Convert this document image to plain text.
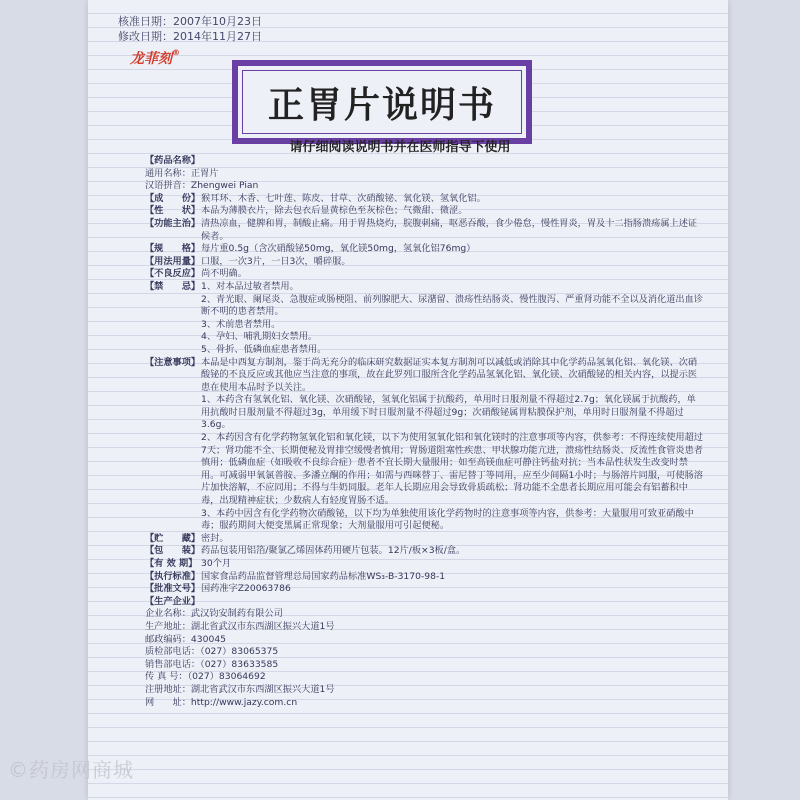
核准日期：2007年10月23日
修改日期：2014年11月27日
龙菲刻®
正胃片说明书
请仔细阅读说明书并在医师指导下使用
【药品名称】
通用名称：正胃片
汉语拼音：Zhengwei Pian
【成　　份】 猴耳环、木香、七叶莲、陈皮、甘草、次硝酸铋、氧化镁、氢氧化铝。
【性　　状】 本品为薄膜衣片，除去包衣后显黄棕色至灰棕色；气微甜、微涩。
【功能主治】 清热凉血，健脾和胃，制酸止痛。用于胃热烧灼，脘腹刺痛，呕恶吞酸，食少倦怠，慢性胃炎，胃及十二指肠溃疡属上述证候者。
【规　　格】 每片重0.5g（含次硝酸铋50mg，氧化镁50mg，氢氧化铝76mg）
【用法用量】 口服，一次3片，一日3次，嚼碎服。
【不良反应】 尚不明确。
【禁　　忌】 1、对本品过敏者禁用。
2、青光眼、阑尾炎、急腹症或肠梗阻、前列腺肥大、尿潴留、溃疡性结肠炎、慢性腹泻、严重肾功能不全以及消化道出血诊断不明的患者禁用。
3、术前患者禁用。
4、孕妇、哺乳期妇女禁用。
5、骨折、低磷血症患者禁用。
【注意事项】 本品是中西复方制剂，鉴于尚无充分的临床研究数据证实本复方制剂可以减低或消除其中化学药品氢氧化铝、氧化镁、次硝酸铋的不良反应或其他应当注意的事项，故在此罗列口服所含化学药品氢氧化铝、氧化镁、次硝酸铋的相关内容，以提示医患在使用本品时予以关注。
1、本药含有氢氧化铝、氧化镁、次硝酸铋，氢氧化铝属于抗酸药，单用时日服剂量不得超过2.7g；氧化镁属于抗酸药，单用抗酸时日服剂量不得超过3g，单用缓下时日服剂量不得超过9g；次硝酸铋属胃粘膜保护剂，单用时日服剂量不得超过3.6g。
2、本药因含有化学药物氢氧化铝和氧化镁，以下为使用氢氧化铝和氧化镁时的注意事项等内容，供参考：不得连续使用超过7天；肾功能不全、长期便秘及胃排空缓慢者慎用；胃肠道阻塞性疾患、甲状腺功能亢进，溃疡性结肠炎、反流性食管炎患者慎用；低磷血症（如吸收不良综合症）患者不宜长期大量服用；如至高镁血症可静注钙盐对抗；当本品性状发生改变时禁用。可减弱甲氧氯普胺、多潘立酮的作用；如需与西咪替丁、雷尼替丁等同用，应至少间隔1小时；与肠溶片同服，可使肠溶片加快溶解，不应同用；不得与牛奶同服。老年人长期应用会导致骨质疏松；肾功能不全患者长期应用可能会有铝蓄积中毒，出现精神症状；少数病人有轻度胃肠不适。
3、本药中因含有化学药物次硝酸铋，以下均为单独使用该化学药物时的注意事项等内容，供参考：大量服用可致亚硝酸中毒；服药期间大便变黑属正常现象；大剂量服用可引起便秘。
【贮　　藏】 密封。
【包　　装】 药品包装用铝箔/聚氯乙烯固体药用硬片包装。12片/板×3板/盒。
【有 效 期】 30个月
【执行标准】 国家食品药品监督管理总局国家药品标准WS₃-B-3170-98-1
【批准文号】 国药准字Z20063786
【生产企业】
企业名称：武汉钧安制药有限公司
生产地址：湖北省武汉市东西湖区振兴大道1号
邮政编码：430045
质检部电话：（027）83065375
销售部电话：（027）83633585
传 真 号：（027）83064692
注册地址：湖北省武汉市东西湖区振兴大道1号
网　　址：http://www.jazy.com.cn
©药房网商城
